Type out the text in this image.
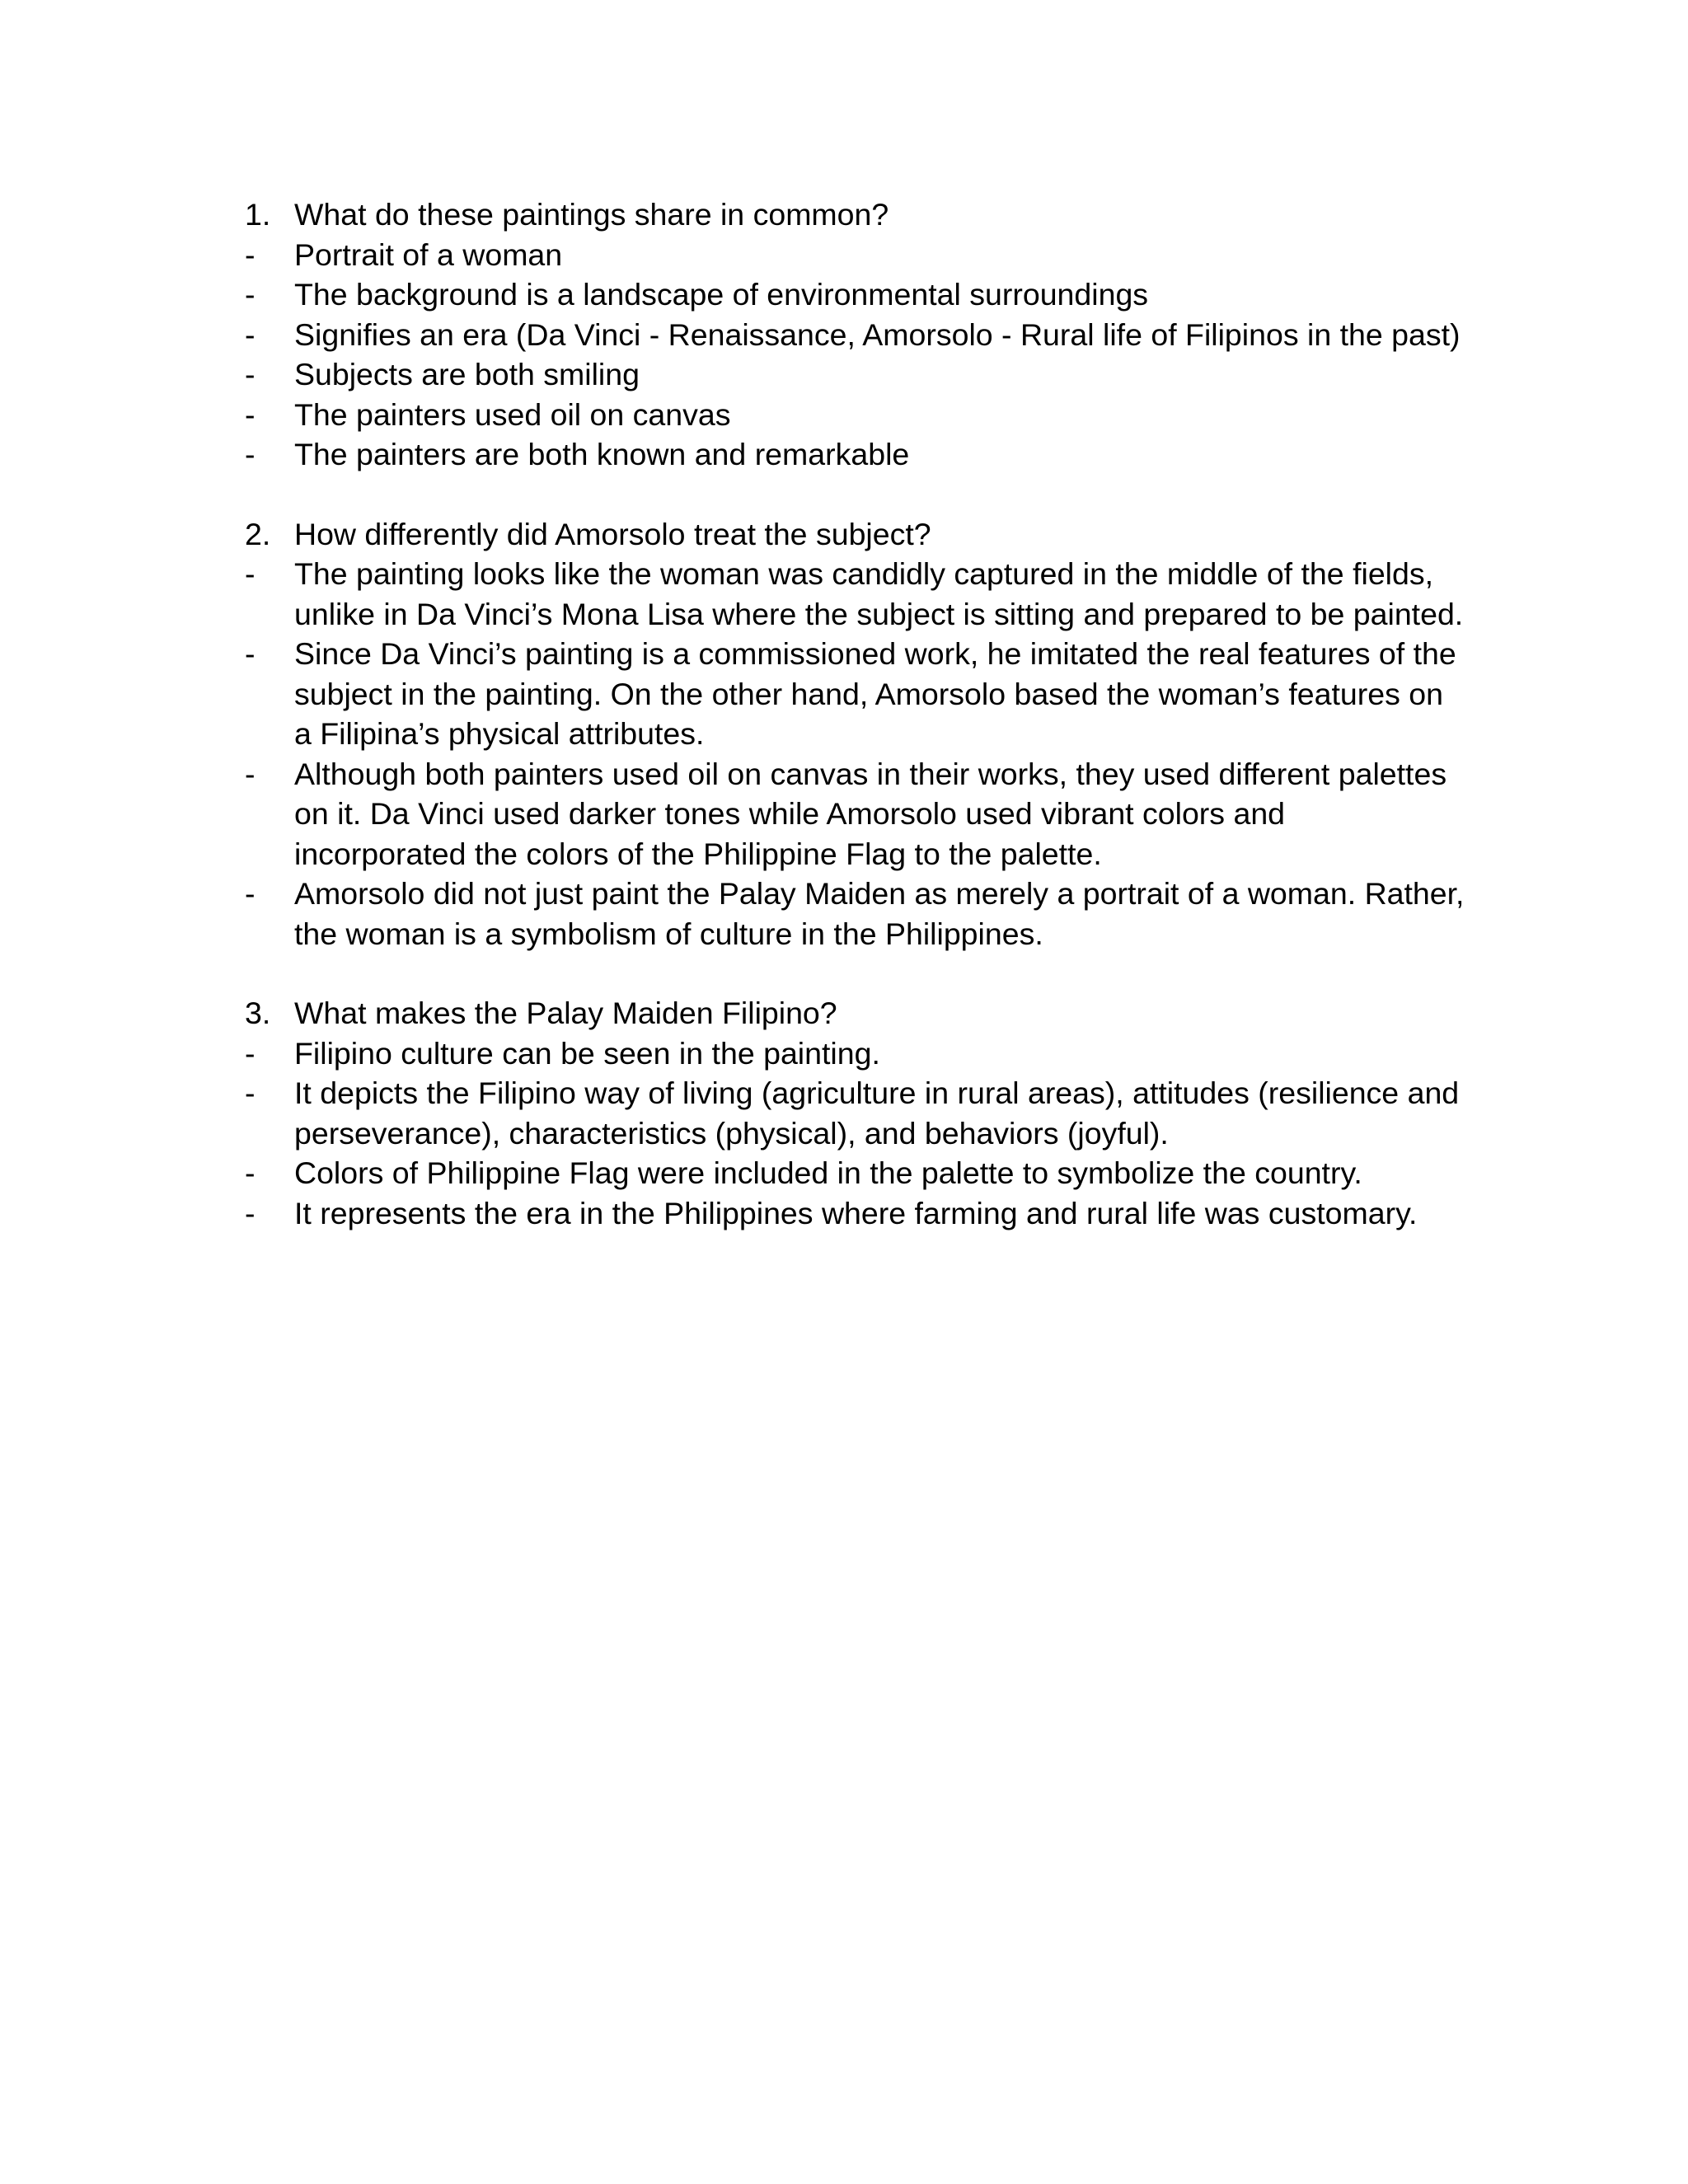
1. What do these paintings share in common?
-	Portrait of a woman
-	The background is a landscape of environmental surroundings
-	Signifies an era (Da Vinci - Renaissance, Amorsolo - Rural life of Filipinos in the past)
-	Subjects are both smiling
-	The painters used oil on canvas
-	The painters are both known and remarkable
2. How differently did Amorsolo treat the subject?
-	The painting looks like the woman was candidly captured in the middle of the fields, unlike in Da Vinci’s Mona Lisa where the subject is sitting and prepared to be painted.
-	Since Da Vinci’s painting is a commissioned work, he imitated the real features of the subject in the painting. On the other hand, Amorsolo based the woman’s features on a Filipina’s physical attributes.
-	Although both painters used oil on canvas in their works, they used different palettes on it. Da Vinci used darker tones while Amorsolo used vibrant colors and incorporated the colors of the Philippine Flag to the palette.
-	Amorsolo did not just paint the Palay Maiden as merely a portrait of a woman. Rather, the woman is a symbolism of culture in the Philippines.
3. What makes the Palay Maiden Filipino?
-	Filipino culture can be seen in the painting.
-	It depicts the Filipino way of living (agriculture in rural areas), attitudes (resilience and perseverance), characteristics (physical), and behaviors (joyful).
-	Colors of Philippine Flag were included in the palette to symbolize the country.
-	It represents the era in the Philippines where farming and rural life was customary.
